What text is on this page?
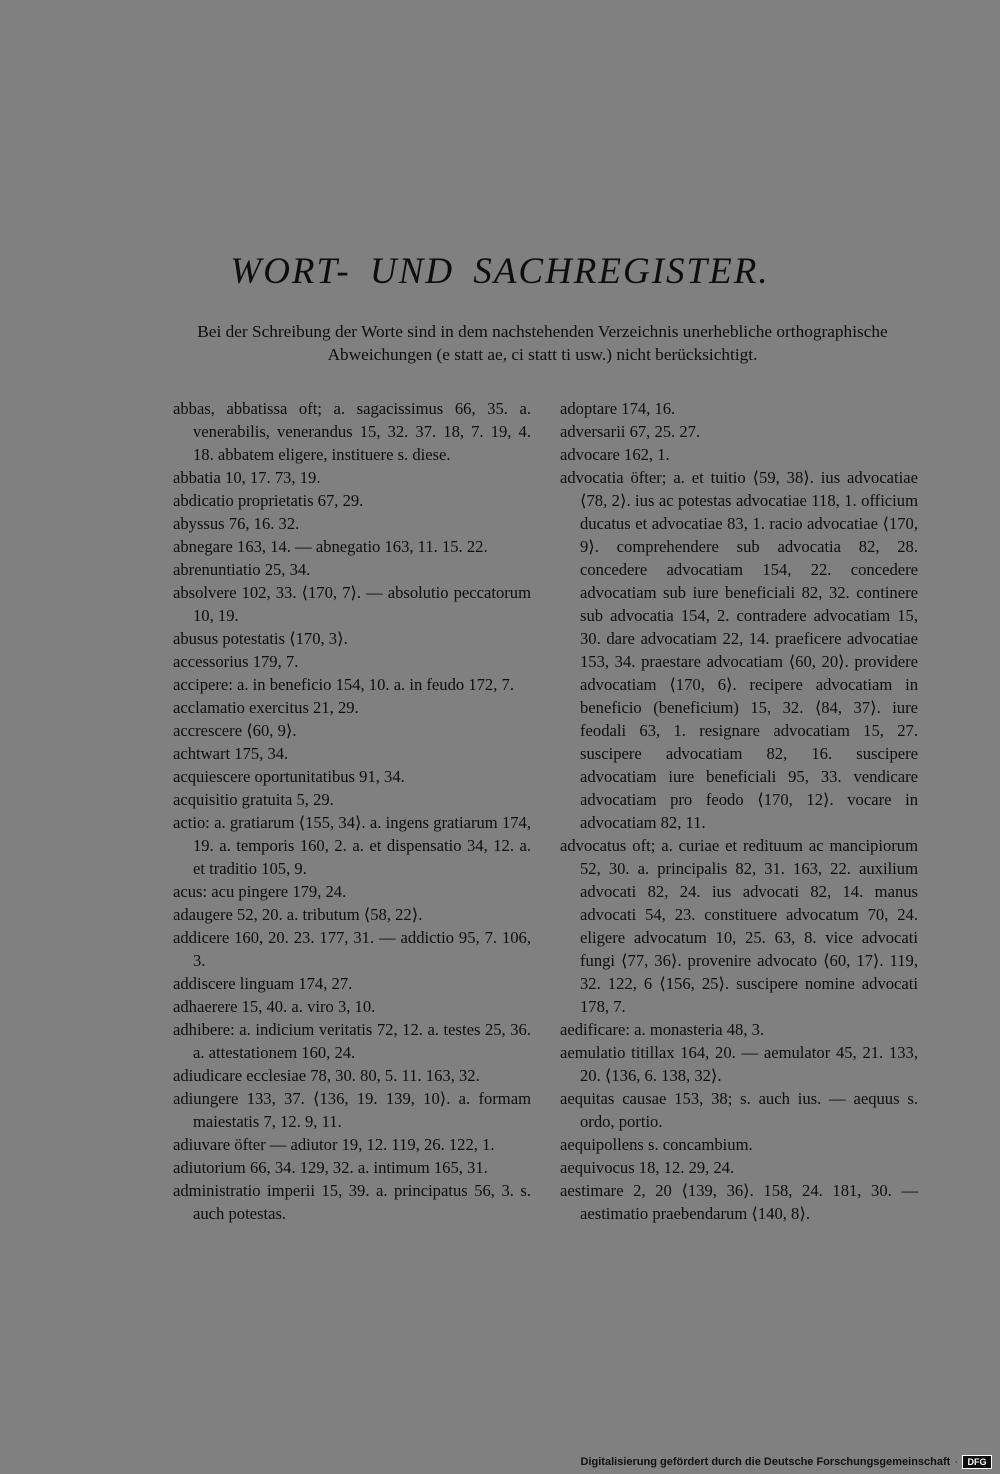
WORT- UND SACHREGISTER.
Bei der Schreibung der Worte sind in dem nachstehenden Verzeichnis unerhebliche orthographische Abweichungen (e statt ae, ci statt ti usw.) nicht berücksichtigt.
abbas, abbatissa oft; a. sagacissimus 66, 35. a. venerabilis, venerandus 15, 32. 37. 18, 7. 19, 4. 18. abbatem eligere, instituere s. diese.
abbatia 10, 17. 73, 19.
abdicatio proprietatis 67, 29.
abyssus 76, 16. 32.
abnegare 163, 14. — abnegatio 163, 11. 15. 22.
abrenuntiatio 25, 34.
absolvere 102, 33. ⟨170, 7⟩. — absolutio peccatorum 10, 19.
abusus potestatis ⟨170, 3⟩.
accessorius 179, 7.
accipere: a. in beneficio 154, 10. a. in feudo 172, 7.
acclamatio exercitus 21, 29.
accrescere ⟨60, 9⟩.
achtwart 175, 34.
acquiescere oportunitatibus 91, 34.
acquisitio gratuita 5, 29.
actio: a. gratiarum ⟨155, 34⟩. a. ingens gratiarum 174, 19. a. temporis 160, 2. a. et dispensatio 34, 12. a. et traditio 105, 9.
acus: acu pingere 179, 24.
adaugere 52, 20. a. tributum ⟨58, 22⟩.
addicere 160, 20. 23. 177, 31. — addictio 95, 7. 106, 3.
addiscere linguam 174, 27.
adhaerere 15, 40. a. viro 3, 10.
adhibere: a. indicium veritatis 72, 12. a. testes 25, 36. a. attestationem 160, 24.
adiudicare ecclesiae 78, 30. 80, 5. 11. 163, 32.
adiungere 133, 37. ⟨136, 19. 139, 10⟩. a. formam maiestatis 7, 12. 9, 11.
adiuvare öfter — adiutor 19, 12. 119, 26. 122, 1.
adiutorium 66, 34. 129, 32. a. intimum 165, 31.
administratio imperii 15, 39. a. principatus 56, 3. s. auch potestas.
adoptare 174, 16.
adversarii 67, 25. 27.
advocare 162, 1.
advocatia öfter; a. et tuitio ⟨59, 38⟩. ius advocatiae ⟨78, 2⟩. ius ac potestas advocatiae 118, 1. officium ducatus et advocatiae 83, 1. racio advocatiae ⟨170, 9⟩. comprehendere sub advocatia 82, 28. concedere advocatiam 154, 22. concedere advocatiam sub iure beneficiali 82, 32. continere sub advocatia 154, 2. contradere advocatiam 15, 30. dare advocatiam 22, 14. praeficere advocatiae 153, 34. praestare advocatiam ⟨60, 20⟩. providere advocatiam ⟨170, 6⟩. recipere advocatiam in beneficio (beneficium) 15, 32. ⟨84, 37⟩. iure feodali 63, 1. resignare advocatiam 15, 27. suscipere advocatiam 82, 16. suscipere advocatiam iure beneficiali 95, 33. vendicare advocatiam pro feodo ⟨170, 12⟩. vocare in advocatiam 82, 11.
advocatus oft; a. curiae et redituum ac mancipiorum 52, 30. a. principalis 82, 31. 163, 22. auxilium advocati 82, 24. ius advocati 82, 14. manus advocati 54, 23. constituere advocatum 70, 24. eligere advocatum 10, 25. 63, 8. vice advocati fungi ⟨77, 36⟩. provenire advocato ⟨60, 17⟩. 119, 32. 122, 6 ⟨156, 25⟩. suscipere nomine advocati 178, 7.
aedificare: a. monasteria 48, 3.
aemulatio titillax 164, 20. — aemulator 45, 21. 133, 20. ⟨136, 6. 138, 32⟩.
aequitas causae 153, 38; s. auch ius. — aequus s. ordo, portio.
aequipollens s. concambium.
aequivocus 18, 12. 29, 24.
aestimare 2, 20 ⟨139, 36⟩. 158, 24. 181, 30. — aestimatio praebendarum ⟨140, 8⟩.
Digitalisierung gefördert durch die Deutsche Forschungsgemeinschaft ·	DFG
